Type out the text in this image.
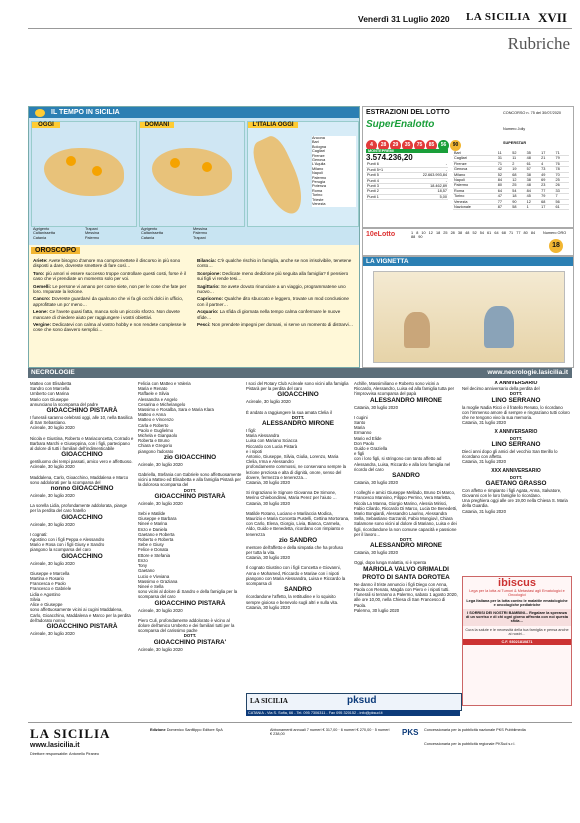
Venerdì 31 Luglio 2020 LA SICILIA XVII
Rubriche
IL TEMPO IN SICILIA
OGGI	DOMANI	L'ITALIA OGGI
Ancona
Bari
Bologna
Cagliari
Firenze
Genova
L'Aquila
Milano
Napoli
Palermo
Perugia
Potenza
Roma
Torino
Trieste
Venezia
Agrigento
Caltanissetta
Catania
Trapani
Messina
Palermo
Agrigento
Caltanissetta
Catania
Messina
Palermo
Trapani
OROSCOPO
Ariete: Avete bisogno d'amore ma compromettete il discorso in più sono disposti a dare, dovreste smettere di fare così…
Toro: più amori vi essere successo troppe controllare questi costi, forse è il caso che vi prendiate un momento solo per voi.
Gemelli: Le persone vi amano per come siete, non per le cose che fate per loro. Imparate la lezione.
Cancro: Dovreste guardarvi da qualcuno che vi fa gli occhi dolci in ufficio, approfittate un po' meno…
Leone: Ce l'avete quasi fatta, manca solo un piccolo sforzo. Non dovete mancare di chiedere aiuto per raggiungere i vostri obiettivi.
Vergine: Dedicatevi con calma al vostro hobby e non rendete complesse le cose che sono davvero semplici…
Bilancia: C'è qualche rischio in famiglia, anche se non irrisolvibile, tenetene conto…
Scorpione: Dedicate meno dedizione più seguita alla famiglia? Il pensiero sui figli vi rende tesi…
Sagittario: Se avete dovuto rinunciare a un viaggio, programmatene uno nuovo…
Capricorno: Qualche dito sbuccato e leggero, trovate un mod conclusione con il partner…
Acquario: La sfida di giornata nella tempo calma confermare le nuove sfide…
Pesci: Non prendete impegni per domani, vi serve un momento di distrarvi…
ESTRAZIONI DEL LOTTO
SuperEnalotto
CONCORSO n. 75 del 30/07/2020
4 28 29 35 75 85 56 90
Numero Jolly
SUPERSTAR
MONTEPREMI
3.574.236,20
Punti 6	-
Punti 5+1	-
Punti 5	22.663.993,84
Punti 4	-
Punti 3	18.462,89
Punti 2	18,57
Punti 1	5,00
Bari	11	52	35	17	71
Cagliari	31	11	48	21	79
Firenze	71	2	61	4	76
Genova	42	19	57	73	78
Milano	52	68	38	49	70
Napoli	84	12	38	69	25
Palermo	80	25	48	23	26
Roma	64	54	84	77	33
Torino	47	18	45	79	7
Venezia	77	90	12	68	56
Nazionale	87	58	1	17	61
10eLotto	1 8 10 12 18 25 28 38 48 52 54 61 64 68 71 77 80 84 88 90
Numero ORO
18
LA VIGNETTA
NECROLOGIE	www.necrologie.lasicilia.it
Matteo con Elisabetta
Sandro con Marcella
Umberto con Marina
Mario con Giuseppe
annunciano la scomparsa del padre
GIOACCHINO PISTARÀ
I funerali saranno celebrati oggi, alle 10, nella Basilica di San Sebastiano.
Acireale, 30 luglio 2020
Nicola e Giustina, Roberto e Mariaconcetta, Corrado e Barbara Marchi e Giuseppina, con i figli, partecipano al dolore di tutti i familiari dell'indimenticabile
GIOACCHINO
gentiluomo dei tempi passati, amico vero e affettuoso.
Acireale, 30 luglio 2020
Maddalena, Carlo, Gioacchino, Maddalena e Marco sono addolorati per la scomparsa del
nonno GIOACCHINO
Acireale, 30 luglio 2020
La sorella Lidia, profondamente addolorata, piange per la perdita del caro fratello
GIOACCHINO
Acireale, 30 luglio 2020
I cognati:
Agostino con i figli Peppa e Alessandro
Mario e Rosa con i figli Giusy e Sandro
piangono la scomparsa del caro
GIOACCHINO
Acireale, 30 luglio 2020
Giuseppe e Marcella
Martina e Rosario
Francesca e Paolo
Francesco e Gabriele
Lidia e Agostino
Silvia
Alice e Giuseppe
sono affettuosamente vicini ai cugini Maddalena, Carlo, Gioacchino, Maddalena e Marco per la perdita dell'adorato nonno
GIOACCHINO PISTARÀ
Acireale, 30 luglio 2020
Felicia con Matteo e Valeria
Maria e Renato
Raffaele e Silvia
Alessandra e Angelo
Cesarina e Michelangelo
Massimo e Rosalba, Sara e Maria Klara
Matteo e Anna
Matteo e Vincenzo
Carla e Roberto
Paolo e Guglielmo
Michela e Gianpaolo
Roberta e Bruno
Chiara e Gregorio
piangono l'adorato
zio GIOACCHINO
Acireale, 30 luglio 2020
Gabriella, Stefania con Gabriele sono affettuosamente vicini a Matteo ed Elisabetta e alla famiglia Pistarà per la dolorosa scomparsa del
DOTT.
GIOACCHINO PISTARÀ
Acireale, 30 luglio 2020
Sebi e Matilde
Giuseppe e Barbara
Nineé e Marina
Enzo e Daniela
Gaetano e Roberta
Roberto e Roberta
Sebe e Giusy
Felice e Donata
Ettore e Stefania
Enzo
Tony
Gaetano
Lucio e Vivviana
Massimo e Graziana
Nineé e Sella
sono vicini al dolore di Sandro e della famiglia per la scomparsa del caro
GIOACCHINO PISTARÀ
Acireale, 30 luglio 2020
Piero Culi, profondamente addolorato è vicino al dolore dell'amico Umberto e dei familiari tutti per la scomparsa del carissimo padre
DOTT.
GIOACCHINO PISTARA'
Acireale, 30 luglio 2020
I soci del Rotary Club Acireale sono vicini alla famiglia Pistarà per la perdita del caro
GIOACCHINO
Acireale, 30 luglio 2020
È andato a raggiungere la sua amata Clelia il
DOTT.
ALESSANDRO MIRONE
I figli:
Maria Alessandra
Luisa con Mariano Sciacca
Riccardo con Lucia Pistarà
e i nipoti
Antonio, Giuseppe, Silvia, Giulia, Lorenzo, Maria Clelia, Irma e Alessandro
profondamente commossi, ne conservano sempre la lezione preziosa e alta di dignità, onore, senso del dovere, fermezza e tenerezza…
Catania, 30 luglio 2020
Si ringraziano le Signore Giovanna De Simone, Merino Chiebondinwi, Maria Perez per l'aiuto …
Catania, 30 luglio 2020
Matilde Rotano, Luciano e Marilaccia Modica, Maurizio e Maria Concetta Pustelli, Cettina Mortorana, con Carlo, Elena, Giorgio, Livia, Bianca, Carmela, Aldo, Guido e Benedetta, ricordano con rimpianto e tenerezza
zio SANDRO
mentore dell'affetto e della simpatia che ha profuso per tutta la vita.
Catania, 30 luglio 2020
Il cognato Giustino con i figli Concetta e Giovanni, Anna e Mohamed, Riccardo e Mariae con i nipoti piangono con Maria Alessandra, Luisa e Riccardo la scomparsa di
SANDRO
ricordandone l'affetto, la rettitudine e lo squisito sempre gioioso e benevolo sugli altri e sulla vita.
Catania, 30 luglio 2020
Achille, Massimiliano e Roberto sono vicini a Riccardo, Alessandro, Luisa ed alla famiglia tutta per l'improvvisa scomparsa del papà
ALESSANDRO MIRONE
Catania, 30 luglio 2020
I cugini
Santo
Maria
Ermanno
Mario ed Elide
Don Paolo
Guido e Graziella
e figli
con i loro figli, si stringono con tanto affetto ad Alessandra, Luisa, Riccardo e alla loro famiglia nel ricordo del caro
SANDRO
Catania, 30 luglio 2020
I colleghi e amici Giuseppe Mellado, Bruno Di Marco, Francesco Mannino, Filippo Perrino, Vera Marletta, Nicola La Manna, Giorgio Marino, Alessia Mirisci, Fabio Cilardo, Riccardo Di Marco, Lucia De Benedetti, Mario Bongiardi, Alessandro Laurino, Alessandra Sella, Sebastiano Garzaniti, Fabio Mongiovì, Chiara Salamone sono vicini al dolore di Mariano, Luisa e dei figli, ricordandone la non comune capacità e passione per il lavoro…
DOTT.
ALESSANDRO MIRONE
Catania, 30 luglio 2020
Oggi, dopo lunga malattia, si è spenta
MARIOLA VALVO GRIMALDI PROTO DI SANTA DOROTEA
Ne danno il triste annuncio i figli Diego con Anna, Paola con Renato, Magda con Piero e i nipoti tutti.
I funerali si terranno a Palermo, sabato 1 agosto 2020, alle ore 10,00, nella Chiesa di San Francesco di Paola.
Palermo, 30 luglio 2020
X ANNIVERSARIO
Nel decimo anniversario della perdita del
DOTT.
LINO SERRANO
la moglie Nadia Ricci e il fratello Renato, lo ricordano con l'immenso amore di sempre e ringraziano tutti coloro che ne tengono vivo la sua memoria.
Catania, 31 luglio 2020
X ANNIVERSARIO
DOTT.
LINO SERRANO
Dieci anni dopo gli amici del vecchio San Berillo lo ricordano con affetto.
Catania, 31 luglio 2020
XXX ANNIVERSARIO
DOTT.
GAETANO GRASSO
Con affetto e rimpianto i figli Agata, Anna, Salvatore, Giovanni con le loro famiglie lo ricordano.
Una preghiera oggi alle ore 19,00 nella Chiesa S. Maria della Guardia.
Catania, 31 luglio 2020
ibiscus
Lega per la lotta ai Tumori & Metastasi agli Ematologici e Oncologici
Lega Italiana per la lotta contro le malattie ematologiche e oncologiche pediatriche
I SORRISI DEI NOSTRI BAMBINI... Regalare la speranza di un sorriso e di chi ogni giorno affronta con noi questa sfida…
Cura la salute e le necessità della tua famiglia e pensa anche ai nostri…
C.F. 93021810871
LA SICILIA	pksud
CATANIA - Via S. Sofia, 66 - Tel. 095 7306311 - Fax 095 320152 - info@pksud.it
LA SICILIA
www.lasicilia.it
Direttore responsabile: Antonello Piraneo
Edizione Domenico Sanfilippo Editore SpA	Abbonamenti annuali 7 numeri € 317,00 · 6 numeri € 270,00 · 5 numeri € 238,00	PKS Concessionaria per la pubblicità nazionale PKS Pubblimedia
Concessionaria per la pubblicità regionale PKSud s.r.l.
